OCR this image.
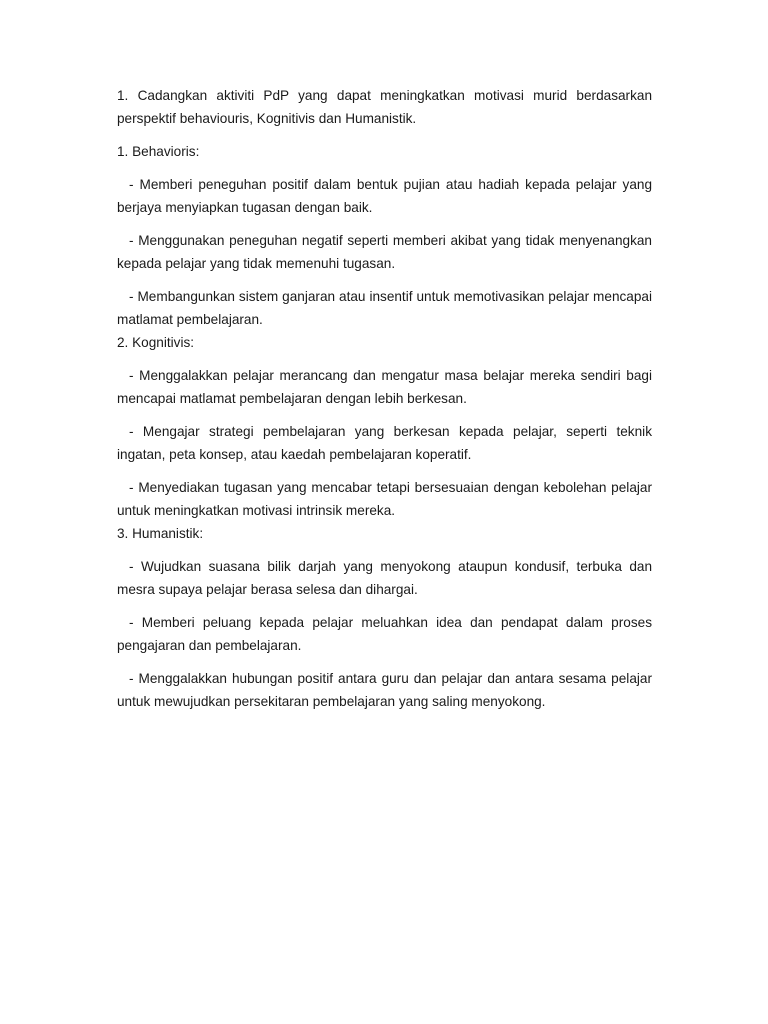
1. Cadangkan aktiviti PdP yang dapat meningkatkan motivasi murid berdasarkan perspektif behaviouris, Kognitivis dan Humanistik.

1. Behavioris:

- Memberi peneguhan positif dalam bentuk pujian atau hadiah kepada pelajar yang berjaya menyiapkan tugasan dengan baik.

- Menggunakan peneguhan negatif seperti memberi akibat yang tidak menyenangkan kepada pelajar yang tidak memenuhi tugasan.

- Membangunkan sistem ganjaran atau insentif untuk memotivasikan pelajar mencapai matlamat pembelajaran.

2. Kognitivis:

- Menggalakkan pelajar merancang dan mengatur masa belajar mereka sendiri bagi mencapai matlamat pembelajaran dengan lebih berkesan.

- Mengajar strategi pembelajaran yang berkesan kepada pelajar, seperti teknik ingatan, peta konsep, atau kaedah pembelajaran koperatif.

- Menyediakan tugasan yang mencabar tetapi bersesuaian dengan kebolehan pelajar untuk meningkatkan motivasi intrinsik mereka.

3. Humanistik:

- Wujudkan suasana bilik darjah yang menyokong ataupun kondusif, terbuka dan mesra supaya pelajar berasa selesa dan dihargai.

- Memberi peluang kepada pelajar meluahkan idea dan pendapat dalam proses pengajaran dan pembelajaran.

- Menggalakkan hubungan positif antara guru dan pelajar dan antara sesama pelajar untuk mewujudkan persekitaran pembelajaran yang saling menyokong.
